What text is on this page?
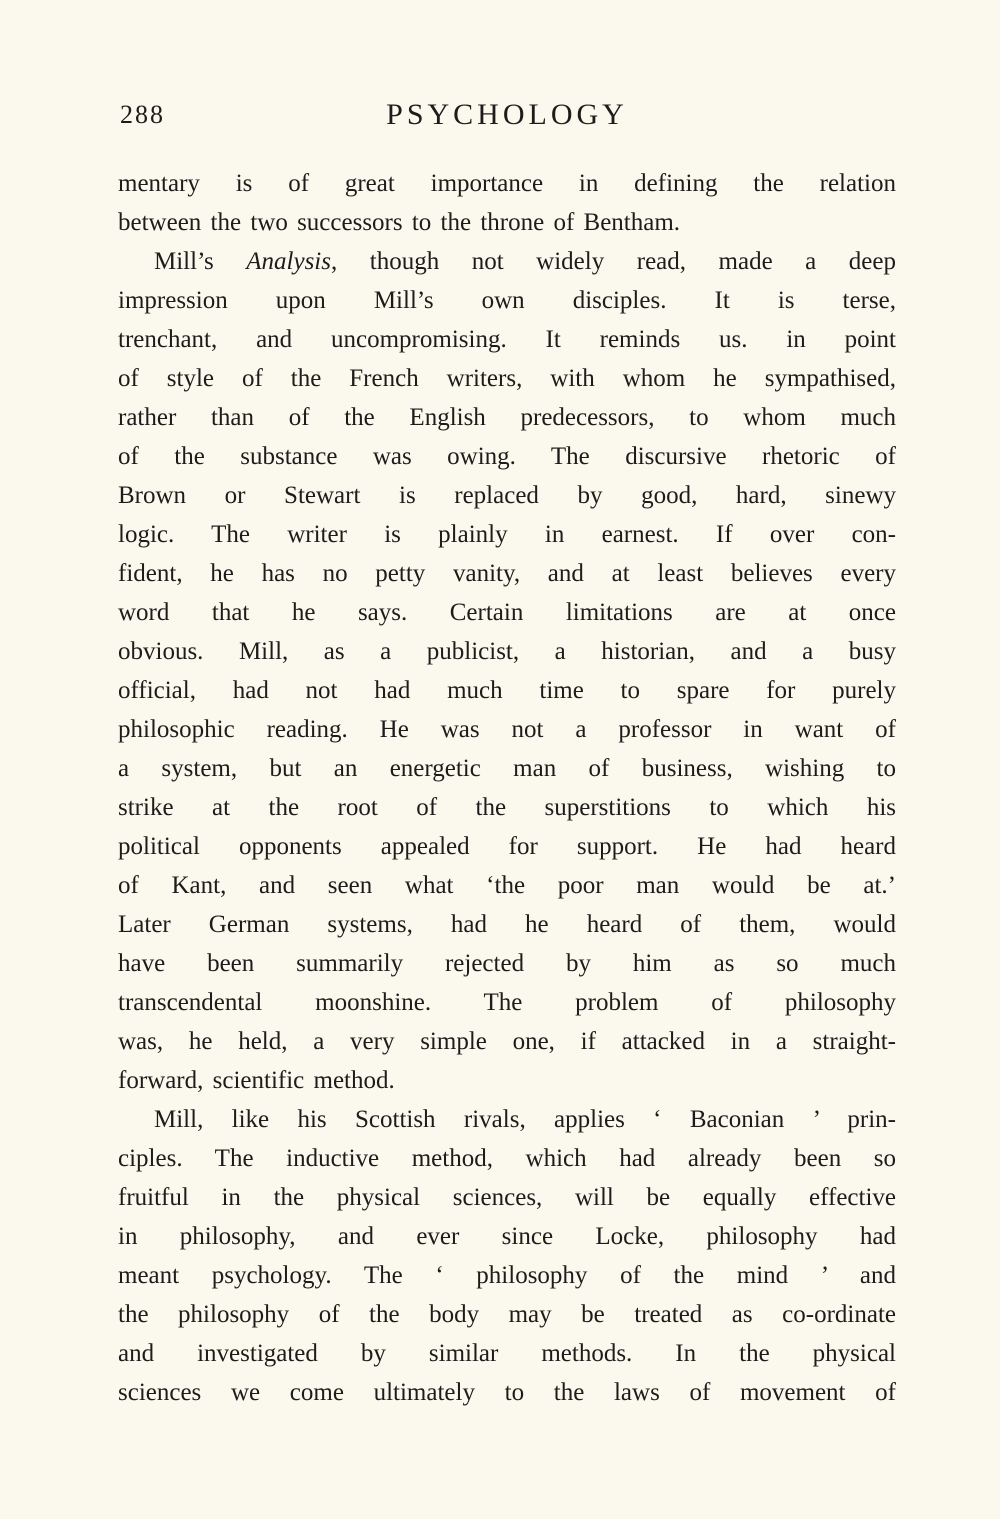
288	PSYCHOLOGY
mentary is of great importance in defining the relation
between the two successors to the throne of Bentham.
Mill’s Analysis, though not widely read, made a deep
impression upon Mill’s own disciples. It is terse,
trenchant, and uncompromising. It reminds us. in point
of style of the French writers, with whom he sympathised,
rather than of the English predecessors, to whom much
of the substance was owing. The discursive rhetoric of
Brown or Stewart is replaced by good, hard, sinewy
logic. The writer is plainly in earnest. If over con-
fident, he has no petty vanity, and at least believes every
word that he says. Certain limitations are at once
obvious. Mill, as a publicist, a historian, and a busy
official, had not had much time to spare for purely
philosophic reading. He was not a professor in want of
a system, but an energetic man of business, wishing to
strike at the root of the superstitions to which his
political opponents appealed for support. He had heard
of Kant, and seen what ‘the poor man would be at.’
Later German systems, had he heard of them, would
have been summarily rejected by him as so much
transcendental moonshine. The problem of philosophy
was, he held, a very simple one, if attacked in a straight-
forward, scientific method.
Mill, like his Scottish rivals, applies ‘ Baconian ’ prin-
ciples. The inductive method, which had already been so
fruitful in the physical sciences, will be equally effective
in philosophy, and ever since Locke, philosophy had
meant psychology. The ‘ philosophy of the mind ’ and
the philosophy of the body may be treated as co-ordinate
and investigated by similar methods. In the physical
sciences we come ultimately to the laws of movement of
